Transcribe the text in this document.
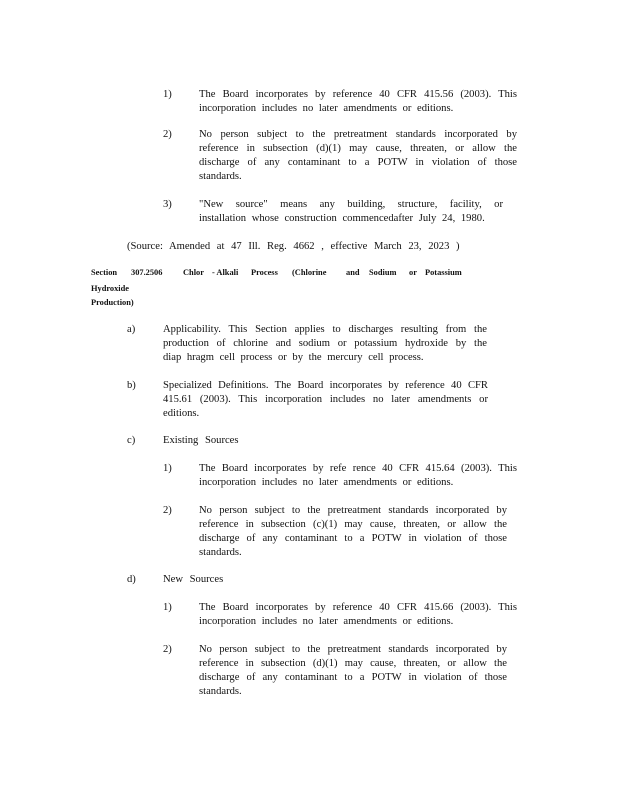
1)	The Board incorporates by reference 40 CFR 415.56 (2003). This incorporation includes no later amendments or editions.
2)	No person subject to the pretreatment standards incorporated by reference in subsection (d)(1) may cause, threaten, or allow the discharge of any contaminant to a POTW in violation of those standards.
3)	"New source" means any building, structure, facility, or installation whose construction commencedafter July 24, 1980.
(Source: Amended at 47 Ill. Reg. 4662 , effective March 23, 2023 )
Section 307.2506 Chlor - Alkali Process (Chlorine and Sodium or Potassium
Hydroxide
Production)
a)	Applicability. This Section applies to discharges resulting from the production of chlorine and sodium or potassium hydroxide by the diap hragm cell process or by the mercury cell process.
b)	Specialized Definitions. The Board incorporates by reference 40 CFR 415.61 (2003). This incorporation includes no later amendments or editions.
c)	Existing Sources
1)	The Board incorporates by refe rence 40 CFR 415.64 (2003). This incorporation includes no later amendments or editions.
2)	No person subject to the pretreatment standards incorporated by reference in subsection (c)(1) may cause, threaten, or allow the discharge of any contaminant to a POTW in violation of those standards.
d)	New Sources
1)	The Board incorporates by reference 40 CFR 415.66 (2003). This incorporation includes no later amendments or editions.
2)	No person subject to the pretreatment standards incorporated by reference in subsection (d)(1) may cause, threaten, or allow the discharge of any contaminant to a POTW in violation of those standards.
